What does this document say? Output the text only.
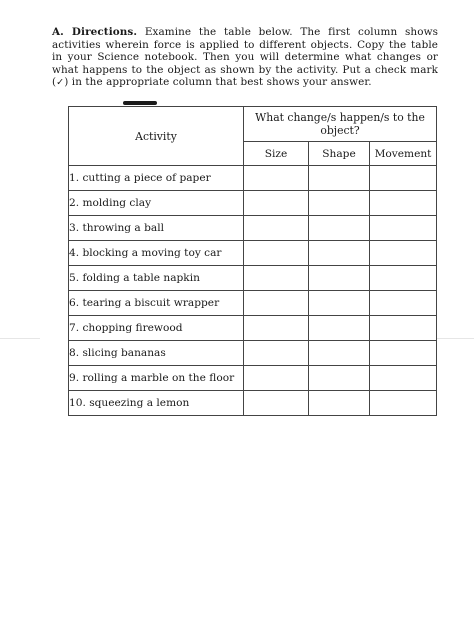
A. Directions. Examine the table below. The first column shows activities wherein force is applied to different objects. Copy the table in your Science notebook. Then you will determine what changes or what happens to the object as shown by the activity. Put a check mark (✓) in the appropriate column that best shows your answer.
Activity	What change/s happen/s to the object?		
	Size	Shape	Movement
1. cutting a piece of paper			
2. molding clay			
3. throwing a ball			
4. blocking a moving toy car			
5. folding a table napkin			
6. tearing a biscuit wrapper			
7. chopping firewood			
8. slicing bananas			
9. rolling a marble on the floor			
10. squeezing a lemon			
